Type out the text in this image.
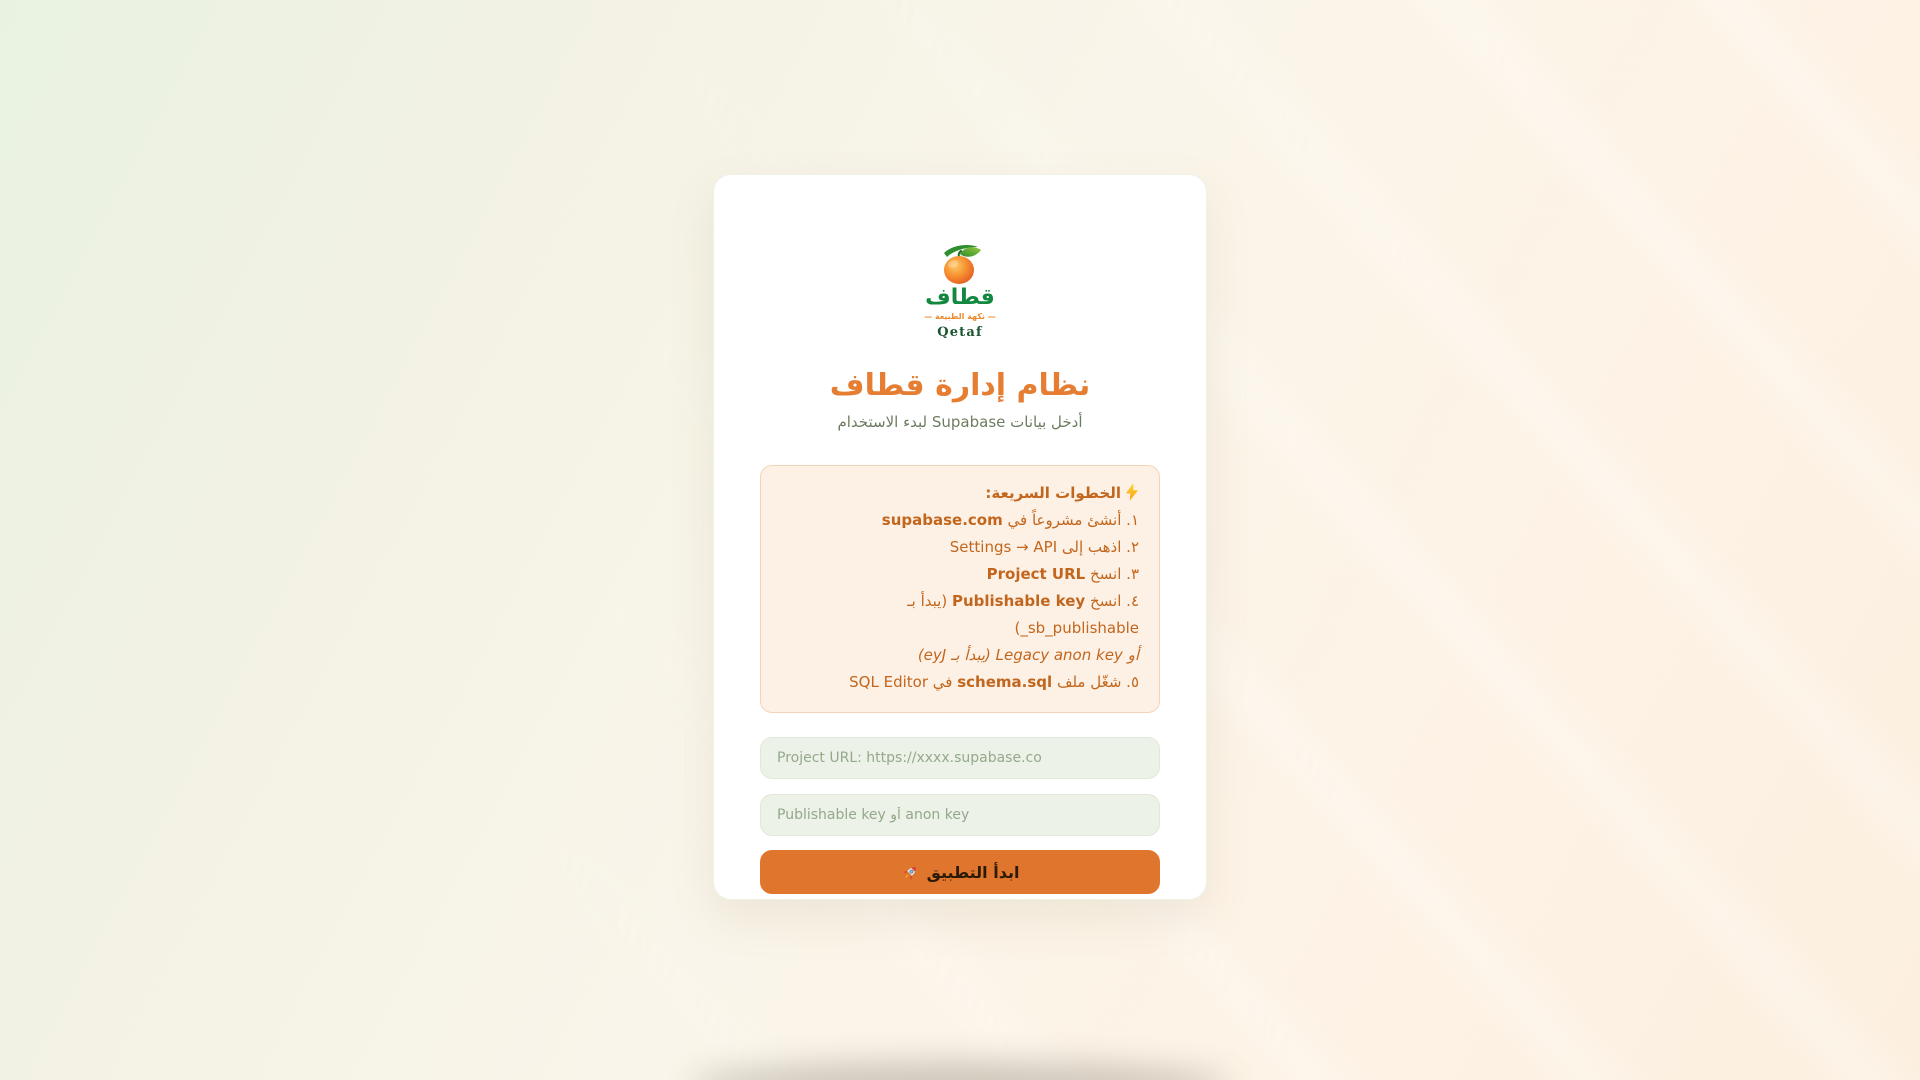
قطاف
— نكهة الطبيعة —
Qetaf
نظام إدارة قطاف

أدخل بيانات Supabase لبدء الاستخدام

الخطوات السريعة:

١. أنشئ مشروعاً في supabase.com

٢. اذهب إلى Settings → API

٣. انسخ Project URL

٤. انسخ Publishable key (يبدأ بـ sb_publishable_)

أو Legacy anon key (يبدأ بـ eyJ)

٥. شغّل ملف schema.sql في SQL Editor

Project URL: https://xxxx.supabase.co
Publishable key أو anon key
ابدأ التطبيق
